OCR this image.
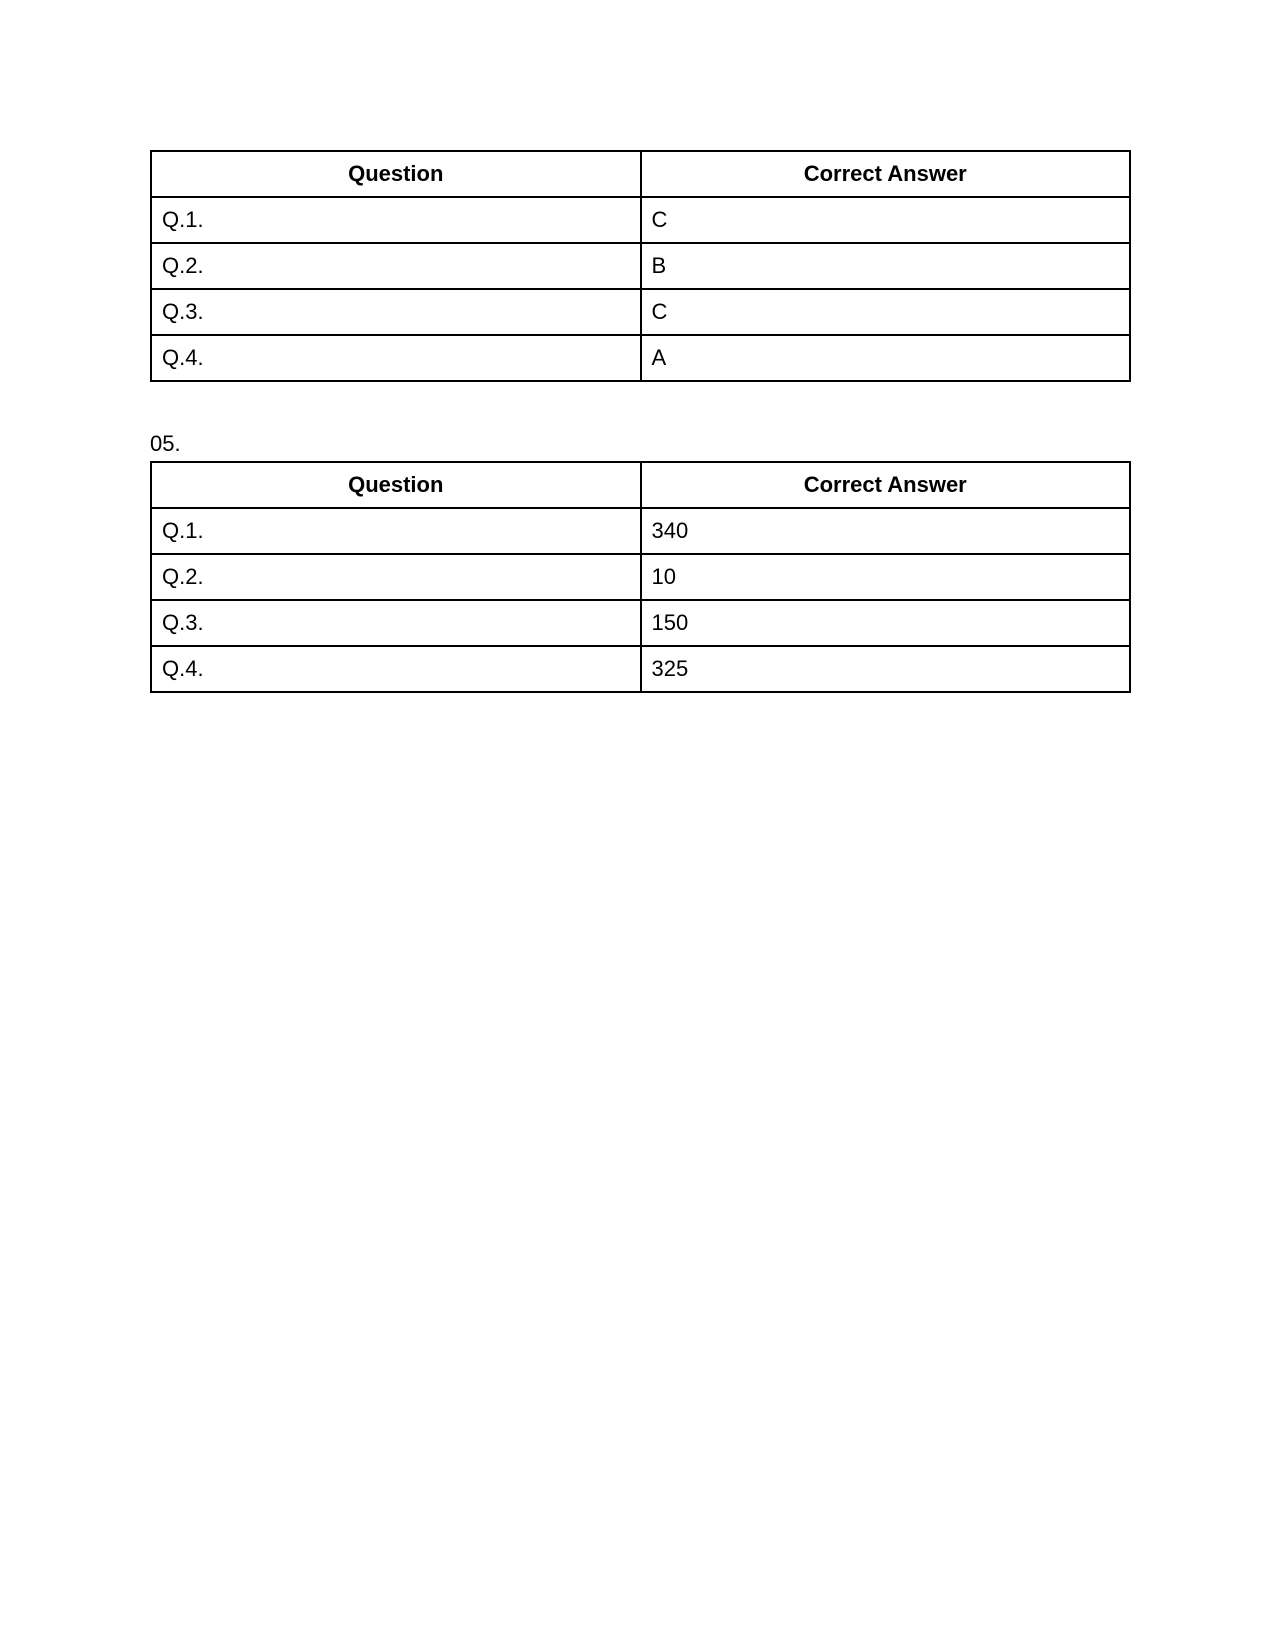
Question	Correct Answer
Q.1.	C
Q.2.	B
Q.3.	C
Q.4.	A

05.

Question	Correct Answer
Q.1.	340
Q.2.	10
Q.3.	150
Q.4.	325
